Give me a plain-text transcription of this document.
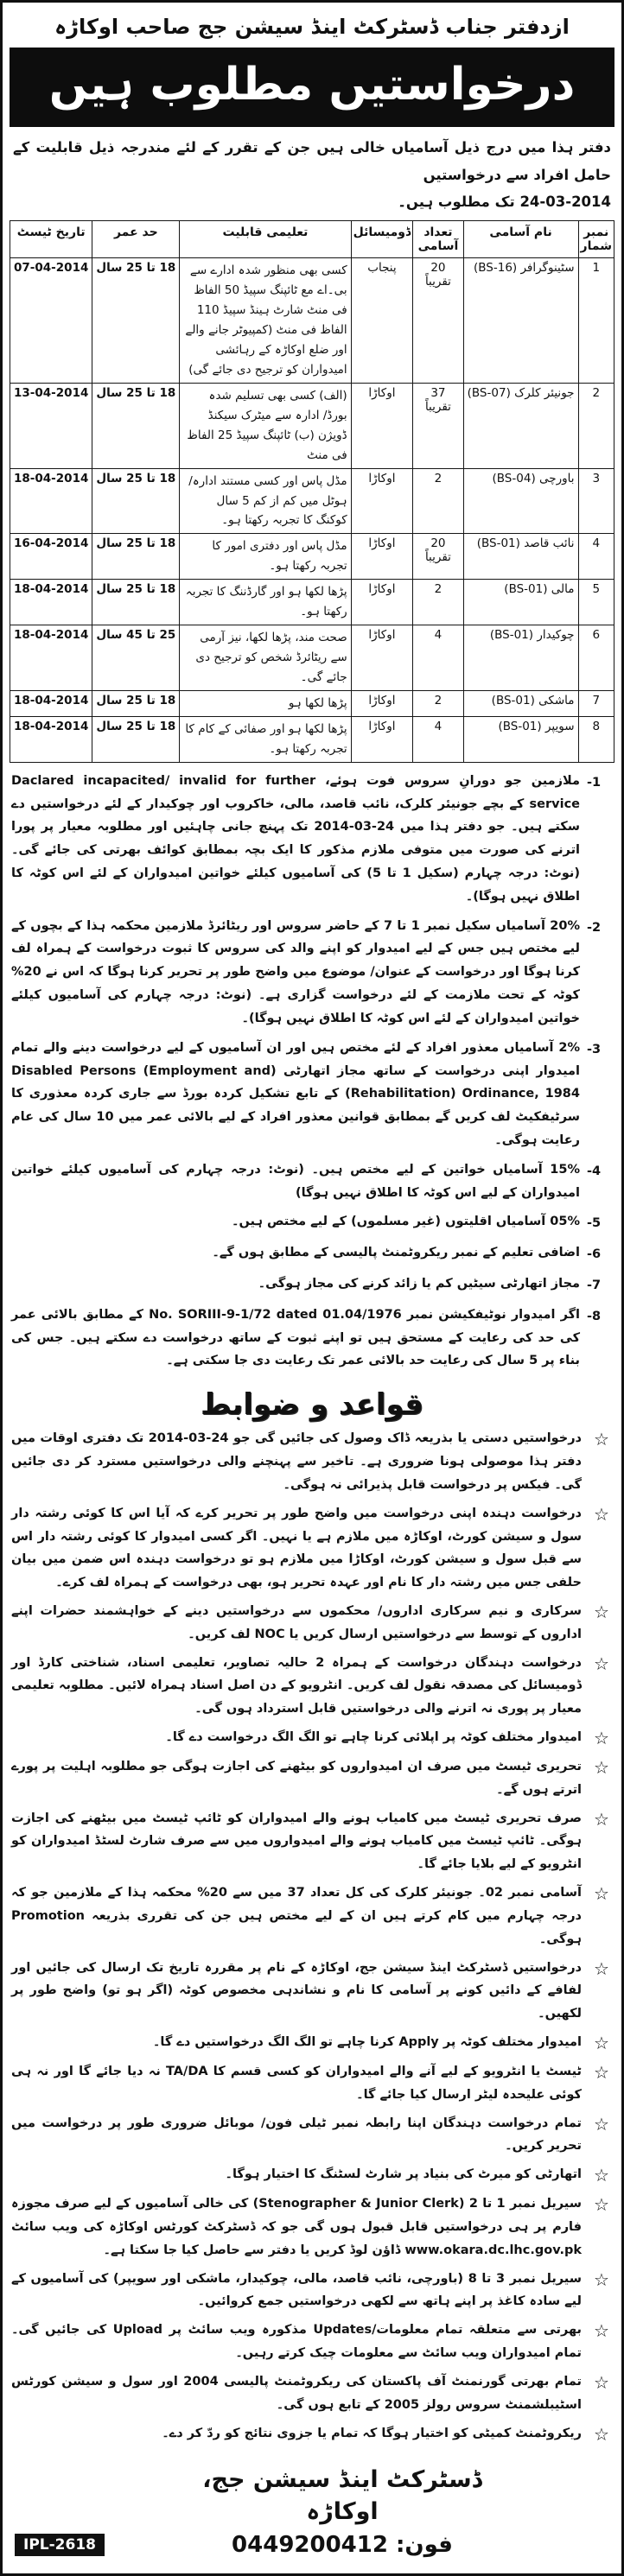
ازدفتر جناب ڈسٹرکٹ اینڈ سیشن جج صاحب اوکاڑہ
درخواستیں مطلوب ہیں
دفتر ہذا میں درج ذیل آسامیاں خالی ہیں جن کے تقرر کے لئے مندرجہ ذیل قابلیت کے حامل افراد سے درخواستیں
24-03-2014 تک مطلوب ہیں۔
نمبر شمار	نام آسامی	تعداد آسامی	ڈومیسائل	تعلیمی قابلیت	حد عمر	تاریخ ٹیسٹ
1	سٹینوگرافر (BS-16)	20 تقریباً	پنجاب	کسی بھی منظور شدہ ادارے سے بی۔اے مع ٹائپنگ سپیڈ 50 الفاظ فی منٹ شارٹ ہینڈ سپیڈ 110 الفاظ فی منٹ (کمپیوٹر جانے والے اور ضلع اوکاڑہ کے رہائشی امیدواران کو ترجیح دی جائے گی)	18 تا 25 سال	07-04-2014
2	جونیئر کلرک (BS-07)	37 تقریباً	اوکاڑا	(الف) کسی بھی تسلیم شدہ بورڈ/ ادارہ سے میٹرک سیکنڈ ڈویژن (ب) ٹائپنگ سپیڈ 25 الفاظ فی منٹ	18 تا 25 سال	13-04-2014
3	باورچی (BS-04)	2	اوکاڑا	مڈل پاس اور کسی مستند ادارہ/ ہوٹل میں کم از کم 5 سال کوکنگ کا تجربہ رکھتا ہو۔	18 تا 25 سال	18-04-2014
4	نائب قاصد (BS-01)	20 تقریباً	اوکاڑا	مڈل پاس اور دفتری امور کا تجربہ رکھتا ہو۔	18 تا 25 سال	16-04-2014
5	مالی (BS-01)	2	اوکاڑا	پڑھا لکھا ہو اور گارڈننگ کا تجربہ رکھتا ہو۔	18 تا 25 سال	18-04-2014
6	چوکیدار (BS-01)	4	اوکاڑا	صحت مند، پڑھا لکھا، نیز آرمی سے ریٹائرڈ شخص کو ترجیح دی جائے گی۔	25 تا 45 سال	18-04-2014
7	ماشکی (BS-01)	2	اوکاڑا	پڑھا لکھا ہو	18 تا 25 سال	18-04-2014
8	سویپر (BS-01)	4	اوکاڑا	پڑھا لکھا ہو اور صفائی کے کام کا تجربہ رکھتا ہو۔	18 تا 25 سال	18-04-2014
-1
ملازمین جو دورانِ سروس فوت ہوئے، Daclared incapacited/ invalid for further service کے بچے جونیئر کلرک، نائب قاصد، مالی، خاکروب اور چوکیدار کے لئے درخواستیں دے سکتے ہیں۔ جو دفتر ہذا میں 24-03-2014 تک پہنچ جانی چاہئیں اور مطلوبہ معیار پر پورا اترنے کی صورت میں متوفی ملازم مذکور کا ایک بچہ بمطابق کوائف بھرتی کی جائے گی۔ (نوٹ: درجہ چہارم (سکیل 1 تا 5) کی آسامیوں کیلئے خواتین امیدواران کے لئے اس کوٹہ کا اطلاق نہیں ہوگا)۔
-2
20% آسامیاں سکیل نمبر 1 تا 7 کے حاضر سروس اور ریٹائرڈ ملازمین محکمہ ہذا کے بچوں کے لیے مختص ہیں جس کے لیے امیدوار کو اپنے والد کی سروس کا ثبوت درخواست کے ہمراہ لف کرنا ہوگا اور درخواست کے عنوان/ موضوع میں واضح طور پر تحریر کرنا ہوگا کہ اس نے 20% کوٹہ کے تحت ملازمت کے لئے درخواست گزاری ہے۔ (نوٹ: درجہ چہارم کی آسامیوں کیلئے خواتین امیدواران کے لئے اس کوٹہ کا اطلاق نہیں ہوگا)۔
-3
2% آسامیاں معذور افراد کے لئے مختص ہیں اور ان آسامیوں کے لیے درخواست دینے والے تمام امیدوار اپنی درخواست کے ساتھ مجاز اتھارٹی (Disabled Persons (Employment and Rehabilitation) Ordinance, 1984) کے تابع تشکیل کردہ بورڈ سے جاری کردہ معذوری کا سرٹیفکیٹ لف کریں گے بمطابق قوانین معذور افراد کے لیے بالائی عمر میں 10 سال کی عام رعایت ہوگی۔
-4
15% آسامیاں خواتین کے لیے مختص ہیں۔ (نوٹ: درجہ چہارم کی آسامیوں کیلئے خواتین امیدواران کے لیے اس کوٹہ کا اطلاق نہیں ہوگا)
-5
05% آسامیاں اقلیتوں (غیر مسلموں) کے لیے مختص ہیں۔
-6
اضافی تعلیم کے نمبر ریکروٹمنٹ پالیسی کے مطابق ہوں گے۔
-7
مجاز اتھارٹی سیٹیں کم یا زائد کرنے کی مجاز ہوگی۔
-8
اگر امیدوار نوٹیفکیشن نمبر No. SORIII-9-1/72 dated 01.04/1976 کے مطابق بالائی عمر کی حد کی رعایت کے مستحق ہیں تو اپنے ثبوت کے ساتھ درخواست دے سکتے ہیں۔ جس کی بناء پر 5 سال کی رعایت حد بالائی عمر تک رعایت دی جا سکتی ہے۔
قواعد و ضوابط
☆
درخواستیں دستی یا بذریعہ ڈاک وصول کی جائیں گی جو 24-03-2014 تک دفتری اوقات میں دفتر ہذا موصولی ہونا ضروری ہے۔ تاخیر سے پہنچنے والی درخواستیں مسترد کر دی جائیں گی۔ فیکس پر درخواست قابل پذیرائی نہ ہوگی۔
☆
درخواست دہندہ اپنی درخواست میں واضح طور پر تحریر کرے کہ آیا اس کا کوئی رشتہ دار سول و سیشن کورٹ، اوکاڑہ میں ملازم ہے یا نہیں۔ اگر کسی امیدوار کا کوئی رشتہ دار اس سے قبل سول و سیشن کورٹ، اوکاڑا میں ملازم ہو تو درخواست دہندہ اس ضمن میں بیان حلفی جس میں رشتہ دار کا نام اور عہدہ تحریر ہو، بھی درخواست کے ہمراہ لف کرے۔
☆
سرکاری و نیم سرکاری اداروں/ محکموں سے درخواستیں دینے کے خواہشمند حضرات اپنے اداروں کے توسط سے درخواستیں ارسال کریں یا NOC لف کریں۔
☆
درخواست دہندگان درخواست کے ہمراہ 2 حالیہ تصاویر، تعلیمی اسناد، شناختی کارڈ اور ڈومیسائل کی مصدقہ نقول لف کریں۔ انٹرویو کے دن اصل اسناد ہمراہ لائیں۔ مطلوبہ تعلیمی معیار پر پوری نہ اترنے والی درخواستیں قابل استرداد ہوں گی۔
☆
امیدوار مختلف کوٹہ پر اپلائی کرنا چاہے تو الگ الگ درخواست دے گا۔
☆
تحریری ٹیسٹ میں صرف ان امیدواروں کو بیٹھنے کی اجازت ہوگی جو مطلوبہ اہلیت پر پورے اترتے ہوں گے۔
☆
صرف تحریری ٹیسٹ میں کامیاب ہونے والے امیدواران کو ٹائپ ٹیسٹ میں بیٹھنے کی اجازت ہوگی۔ ٹائپ ٹیسٹ میں کامیاب ہونے والے امیدواروں میں سے صرف شارٹ لسٹڈ امیدواران کو انٹرویو کے لیے بلایا جائے گا۔
☆
آسامی نمبر 02۔ جونیئر کلرک کی کل تعداد 37 میں سے 20% محکمہ ہذا کے ملازمین جو کہ درجہ چہارم میں کام کرتے ہیں ان کے لیے مختص ہیں جن کی تقرری بذریعہ Promotion ہوگی۔
☆
درخواستیں ڈسٹرکٹ اینڈ سیشن جج، اوکاڑہ کے نام پر مقررہ تاریخ تک ارسال کی جائیں اور لفافے کے دائیں کونے پر آسامی کا نام و نشاندہی مخصوص کوٹہ (اگر ہو تو) واضح طور پر لکھیں۔
☆
امیدوار مختلف کوٹہ پر Apply کرنا چاہے تو الگ الگ درخواستیں دے گا۔
☆
ٹیسٹ یا انٹرویو کے لیے آنے والے امیدواران کو کسی قسم کا TA/DA نہ دیا جائے گا اور نہ ہی کوئی علیحدہ لیٹر ارسال کیا جائے گا۔
☆
تمام درخواست دہندگان اپنا رابطہ نمبر ٹیلی فون/ موبائل ضروری طور پر درخواست میں تحریر کریں۔
☆
اتھارٹی کو میرٹ کی بنیاد پر شارٹ لسٹنگ کا اختیار ہوگا۔
☆
سیریل نمبر 1 تا 2 (Stenographer & Junior Clerk) کی خالی آسامیوں کے لیے صرف مجوزہ فارم پر ہی درخواستیں قابل قبول ہوں گی جو کہ ڈسٹرکٹ کورٹس اوکاڑہ کی ویب سائٹ www.okara.dc.lhc.gov.pk ڈاؤن لوڈ کریں یا دفتر سے حاصل کیا جا سکتا ہے۔
☆
سیریل نمبر 3 تا 8 (باورچی، نائب قاصد، مالی، چوکیدار، ماشکی اور سویپر) کی آسامیوں کے لیے سادہ کاغذ پر اپنے ہاتھ سے لکھی درخواستیں جمع کروائیں۔
☆
بھرتی سے متعلقہ تمام معلومات/Updates مذکورہ ویب سائٹ پر Upload کی جائیں گی۔ تمام امیدواران ویب سائٹ سے معلومات چیک کرتے رہیں۔
☆
تمام بھرتی گورنمنٹ آف پاکستان کی ریکروٹمنٹ پالیسی 2004 اور سول و سیشن کورٹس اسٹیبلشمنٹ سروس رولز 2005 کے تابع ہوں گی۔
☆
ریکروٹمنٹ کمیٹی کو اختیار ہوگا کہ تمام یا جزوی نتائج کو ردّ کر دے۔
ڈسٹرکٹ اینڈ سیشن جج، اوکاڑہ
فون: 0449200412
IPL-2618
